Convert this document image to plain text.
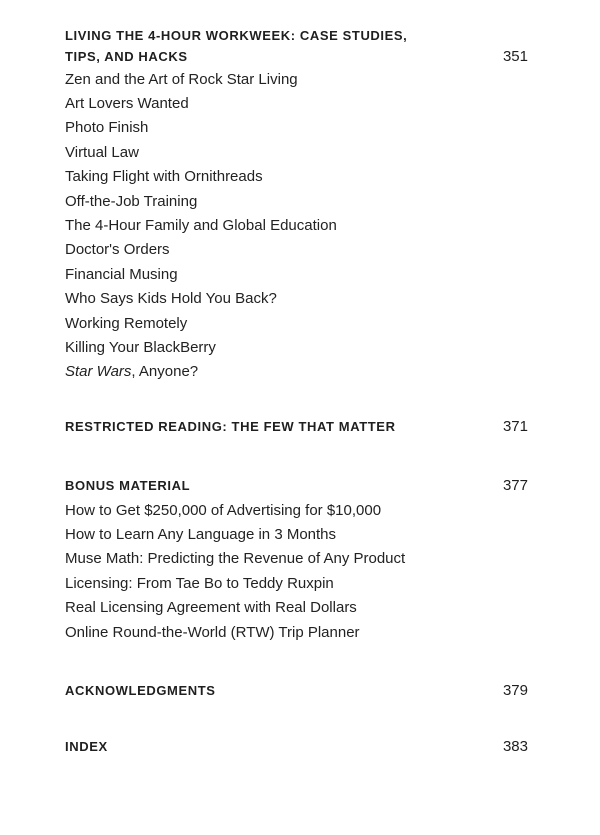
LIVING THE 4-HOUR WORKWEEK: CASE STUDIES,
TIPS, AND HACKS	351
Zen and the Art of Rock Star Living
Art Lovers Wanted
Photo Finish
Virtual Law
Taking Flight with Ornithreads
Off-the-Job Training
The 4-Hour Family and Global Education
Doctor's Orders
Financial Musing
Who Says Kids Hold You Back?
Working Remotely
Killing Your BlackBerry
Star Wars, Anyone?
RESTRICTED READING: THE FEW THAT MATTER	371
BONUS MATERIAL	377
How to Get $250,000 of Advertising for $10,000
How to Learn Any Language in 3 Months
Muse Math: Predicting the Revenue of Any Product
Licensing: From Tae Bo to Teddy Ruxpin
Real Licensing Agreement with Real Dollars
Online Round-the-World (RTW) Trip Planner
ACKNOWLEDGMENTS	379
INDEX	383
